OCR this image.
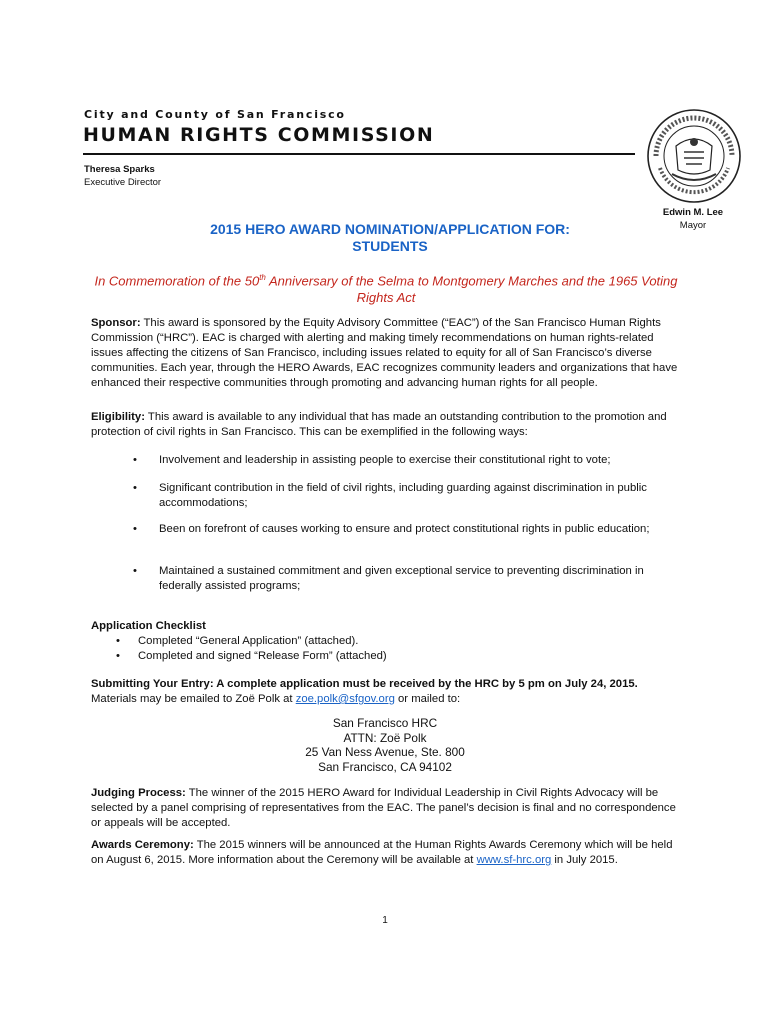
City and County of San Francisco
HUMAN RIGHTS COMMISSION
Theresa Sparks
Executive Director
Edwin M. Lee
Mayor
2015 HERO AWARD NOMINATION/APPLICATION FOR:
STUDENTS
In Commemoration of the 50th Anniversary of the Selma to Montgomery Marches and the 1965 Voting Rights Act
Sponsor: This award is sponsored by the Equity Advisory Committee (“EAC”) of the San Francisco Human Rights Commission (“HRC”). EAC is charged with alerting and making timely recommendations on human rights-related issues affecting the citizens of San Francisco, including issues related to equity for all of San Francisco’s diverse communities. Each year, through the HERO Awards, EAC recognizes community leaders and organizations that have enhanced their respective communities through promoting and advancing human rights for all people.
Eligibility: This award is available to any individual that has made an outstanding contribution to the promotion and protection of civil rights in San Francisco. This can be exemplified in the following ways:
•	Involvement and leadership in assisting people to exercise their constitutional right to vote;
•	Significant contribution in the field of civil rights, including guarding against discrimination in public accommodations;
•	Been on forefront of causes working to ensure and protect constitutional rights in public education;
•	Maintained a sustained commitment and given exceptional service to preventing discrimination in federally assisted programs;
Application Checklist
• Completed “General Application” (attached).
• Completed and signed “Release Form” (attached)
Submitting Your Entry: A complete application must be received by the HRC by 5 pm on July 24, 2015. Materials may be emailed to Zoë Polk at zoe.polk@sfgov.org or mailed to:
San Francisco HRC
ATTN: Zoë Polk
25 Van Ness Avenue, Ste. 800
San Francisco, CA 94102
Judging Process: The winner of the 2015 HERO Award for Individual Leadership in Civil Rights Advocacy will be selected by a panel comprising of representatives from the EAC. The panel’s decision is final and no correspondence or appeals will be accepted.
Awards Ceremony: The 2015 winners will be announced at the Human Rights Awards Ceremony which will be held on August 6, 2015. More information about the Ceremony will be available at www.sf-hrc.org in July 2015.
1
